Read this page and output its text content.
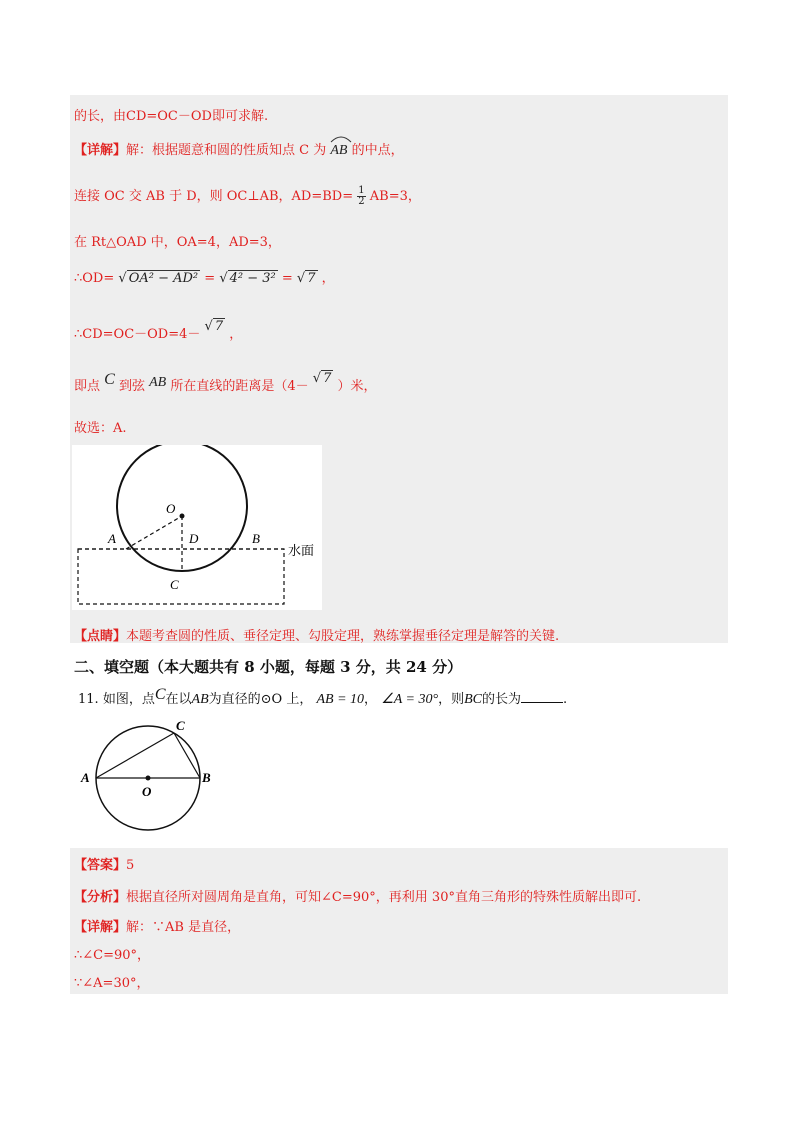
的长，由CD=OC－OD即可求解.
【详解】解：根据题意和圆的性质知点 C 为 AB 的中点，
连接 OC 交 AB 于 D，则 OC⊥AB，$AD=BD= \frac{1}{2} AB=3$，
在 Rt△OAD 中，OA=4，AD=3，
∴OD= √ OA² − AD² = √ 4² − 3² = √ 7 ，
∴CD=OC－OD=4－ √ 7 ，
即点 C 到弦 AB 所在直线的距离是（4－ √ 7 ）米，
故选：A.
O
A	D	B
C
水面
【点睛】本题考查圆的性质、垂径定理、勾股定理，熟练掌握垂径定理是解答的关键.
二、填空题（本大题共有 8 小题，每题 3 分，共 24 分）
11. 如图，点C在以AB为直径的⊙O 上， AB = 10， ∠A = 30°，则BC的长为	.
A	B
C
O
【答案】5
【分析】根据直径所对圆周角是直角，可知∠C=90°，再利用 30°直角三角形的特殊性质解出即可.
【详解】解：∵AB 是直径，
∴∠C=90°，
∵∠A=30°，
